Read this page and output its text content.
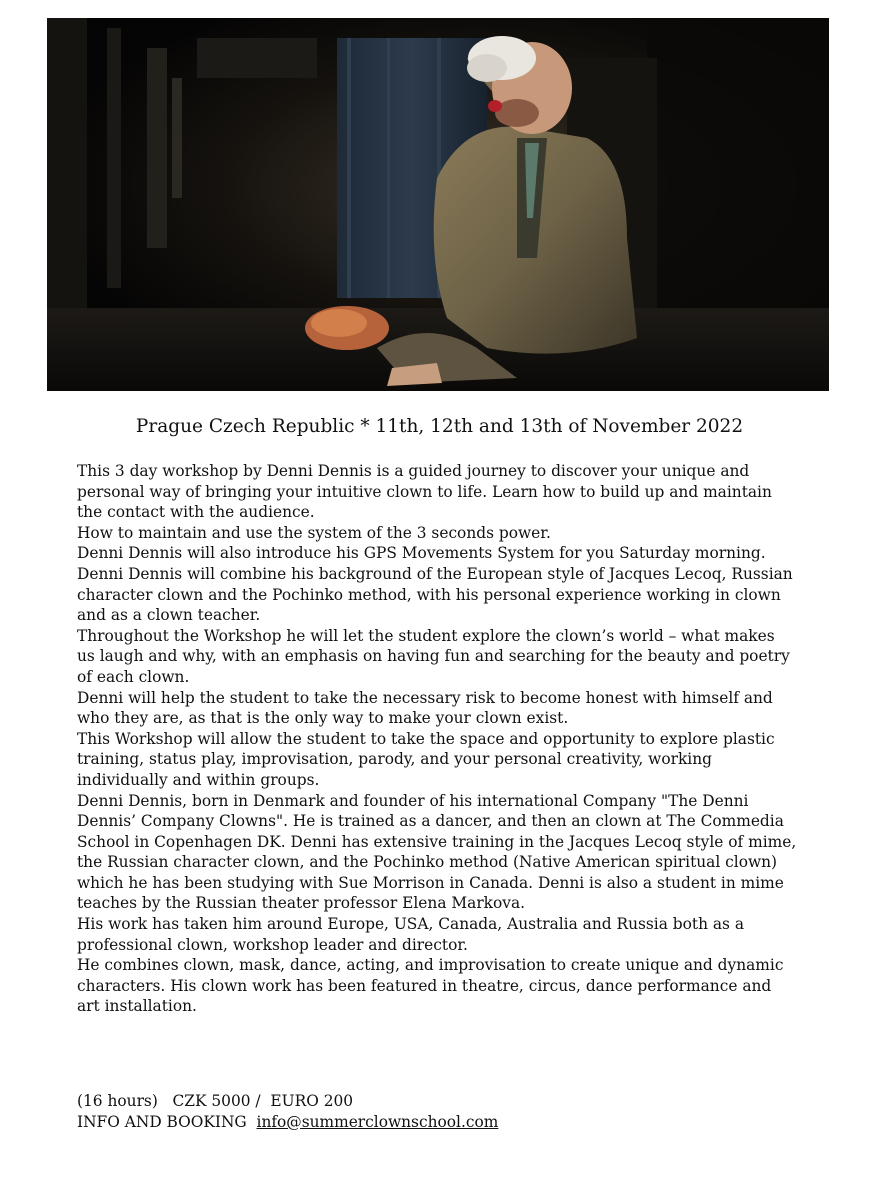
Prague Czech Republic * 11th, 12th and 13th of November 2022

This 3 day workshop by Denni Dennis is a guided journey to discover your unique and personal way of bringing your intuitive clown to life. Learn how to build up and maintain the contact with the audience.

How to maintain and use the system of the 3 seconds power.

Denni Dennis will also introduce his GPS Movements System for you Saturday morning.

Denni Dennis will combine his background of the European style of Jacques Lecoq, Russian character clown and the Pochinko method, with his personal experience working in clown and as a clown teacher.

Throughout the Workshop he will let the student explore the clown’s world – what makes us laugh and why, with an emphasis on having fun and searching for the beauty and poetry of each clown.

Denni will help the student to take the necessary risk to become honest with himself and who they are, as that is the only way to make your clown exist.

This Workshop will allow the student to take the space and opportunity to explore plastic training, status play, improvisation, parody, and your personal creativity, working individually and within groups.

Denni Dennis, born in Denmark and founder of his international Company "The Denni Dennis’ Company Clowns". He is trained as a dancer, and then an clown at The Commedia School in Copenhagen DK. Denni has extensive training in the Jacques Lecoq style of mime, the Russian character clown, and the Pochinko method (Native American spiritual clown) which he has been studying with Sue Morrison in Canada. Denni is also a student in mime teaches by the Russian theater professor Elena Markova.

His work has taken him around Europe, USA, Canada, Australia and Russia both as a professional clown, workshop leader and director.

He combines clown, mask, dance, acting, and improvisation to create unique and dynamic characters. His clown work has been featured in theatre, circus, dance performance and art installation.

(16 hours)   CZK 5000 /  EURO 200
INFO AND BOOKING  info@summerclownschool.com
